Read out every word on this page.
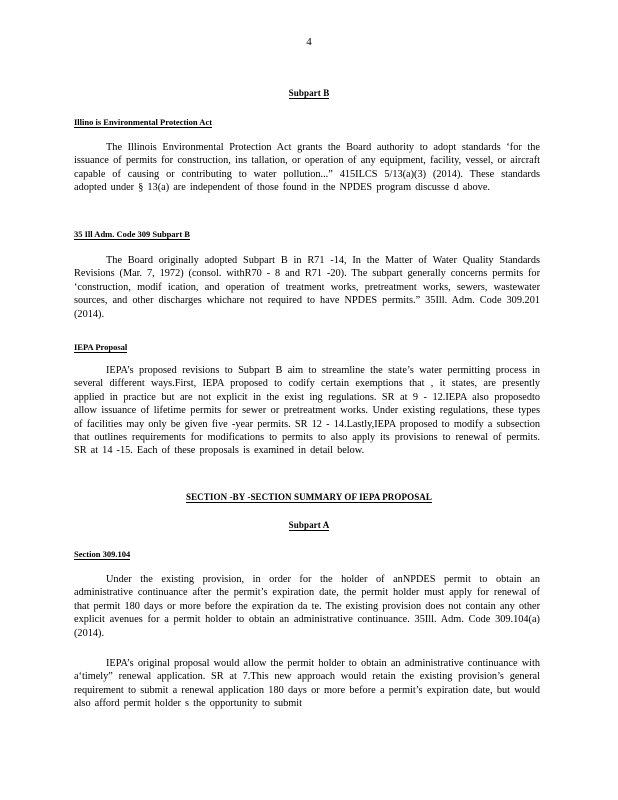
4
Subpart B
Illino is Environmental Protection Act
The Illinois Environmental Protection Act grants the Board authority to adopt standards ‘for the issuance of permits for construction, ins tallation, or operation of any equipment, facility, vessel, or aircraft capable of causing or contributing to water pollution...” 415ILCS 5/13(a)(3) (2014). These standards adopted under § 13(a) are independent of those found in the NPDES program discusse d above.
35 Ill Adm. Code 309 Subpart B
The Board originally adopted Subpart B in R71 -14, In the Matter of Water Quality Standards Revisions (Mar. 7, 1972) (consol. withR70 - 8 and R71 -20). The subpart generally concerns permits for ‘construction, modif ication, and operation of treatment works, pretreatment works, sewers, wastewater sources, and other discharges whichare not required to have NPDES permits.” 35Ill. Adm. Code 309.201 (2014).
IEPA Proposal
IEPA’s proposed revisions to Subpart B aim to streamline the state’s water permitting process in several different ways.First, IEPA proposed to codify certain exemptions that , it states, are presently applied in practice but are not explicit in the exist ing regulations. SR at 9 - 12.IEPA also proposedto allow issuance of lifetime permits for sewer or pretreatment works. Under existing regulations, these types of facilities may only be given five -year permits. SR 12 - 14.Lastly,IEPA proposed to modify a subsection that outlines requirements for modifications to permits to also apply its provisions to renewal of permits. SR at 14 -15. Each of these proposals is examined in detail below.
SECTION -BY -SECTION SUMMARY OF IEPA PROPOSAL
Subpart A
Section 309.104
Under the existing provision, in order for the holder of anNPDES permit to obtain an administrative continuance after the permit’s expiration date, the permit holder must apply for renewal of that permit 180 days or more before the expiration da te. The existing provision does not contain any other explicit avenues for a permit holder to obtain an administrative continuance. 35Ill. Adm. Code 309.104(a) (2014).
IEPA’s original proposal would allow the permit holder to obtain an administrative continuance with a‘timely” renewal application. SR at 7.This new approach would retain the existing provision’s general requirement to submit a renewal application 180 days or more before a permit’s expiration date, but would also afford permit holder s the opportunity to submit
